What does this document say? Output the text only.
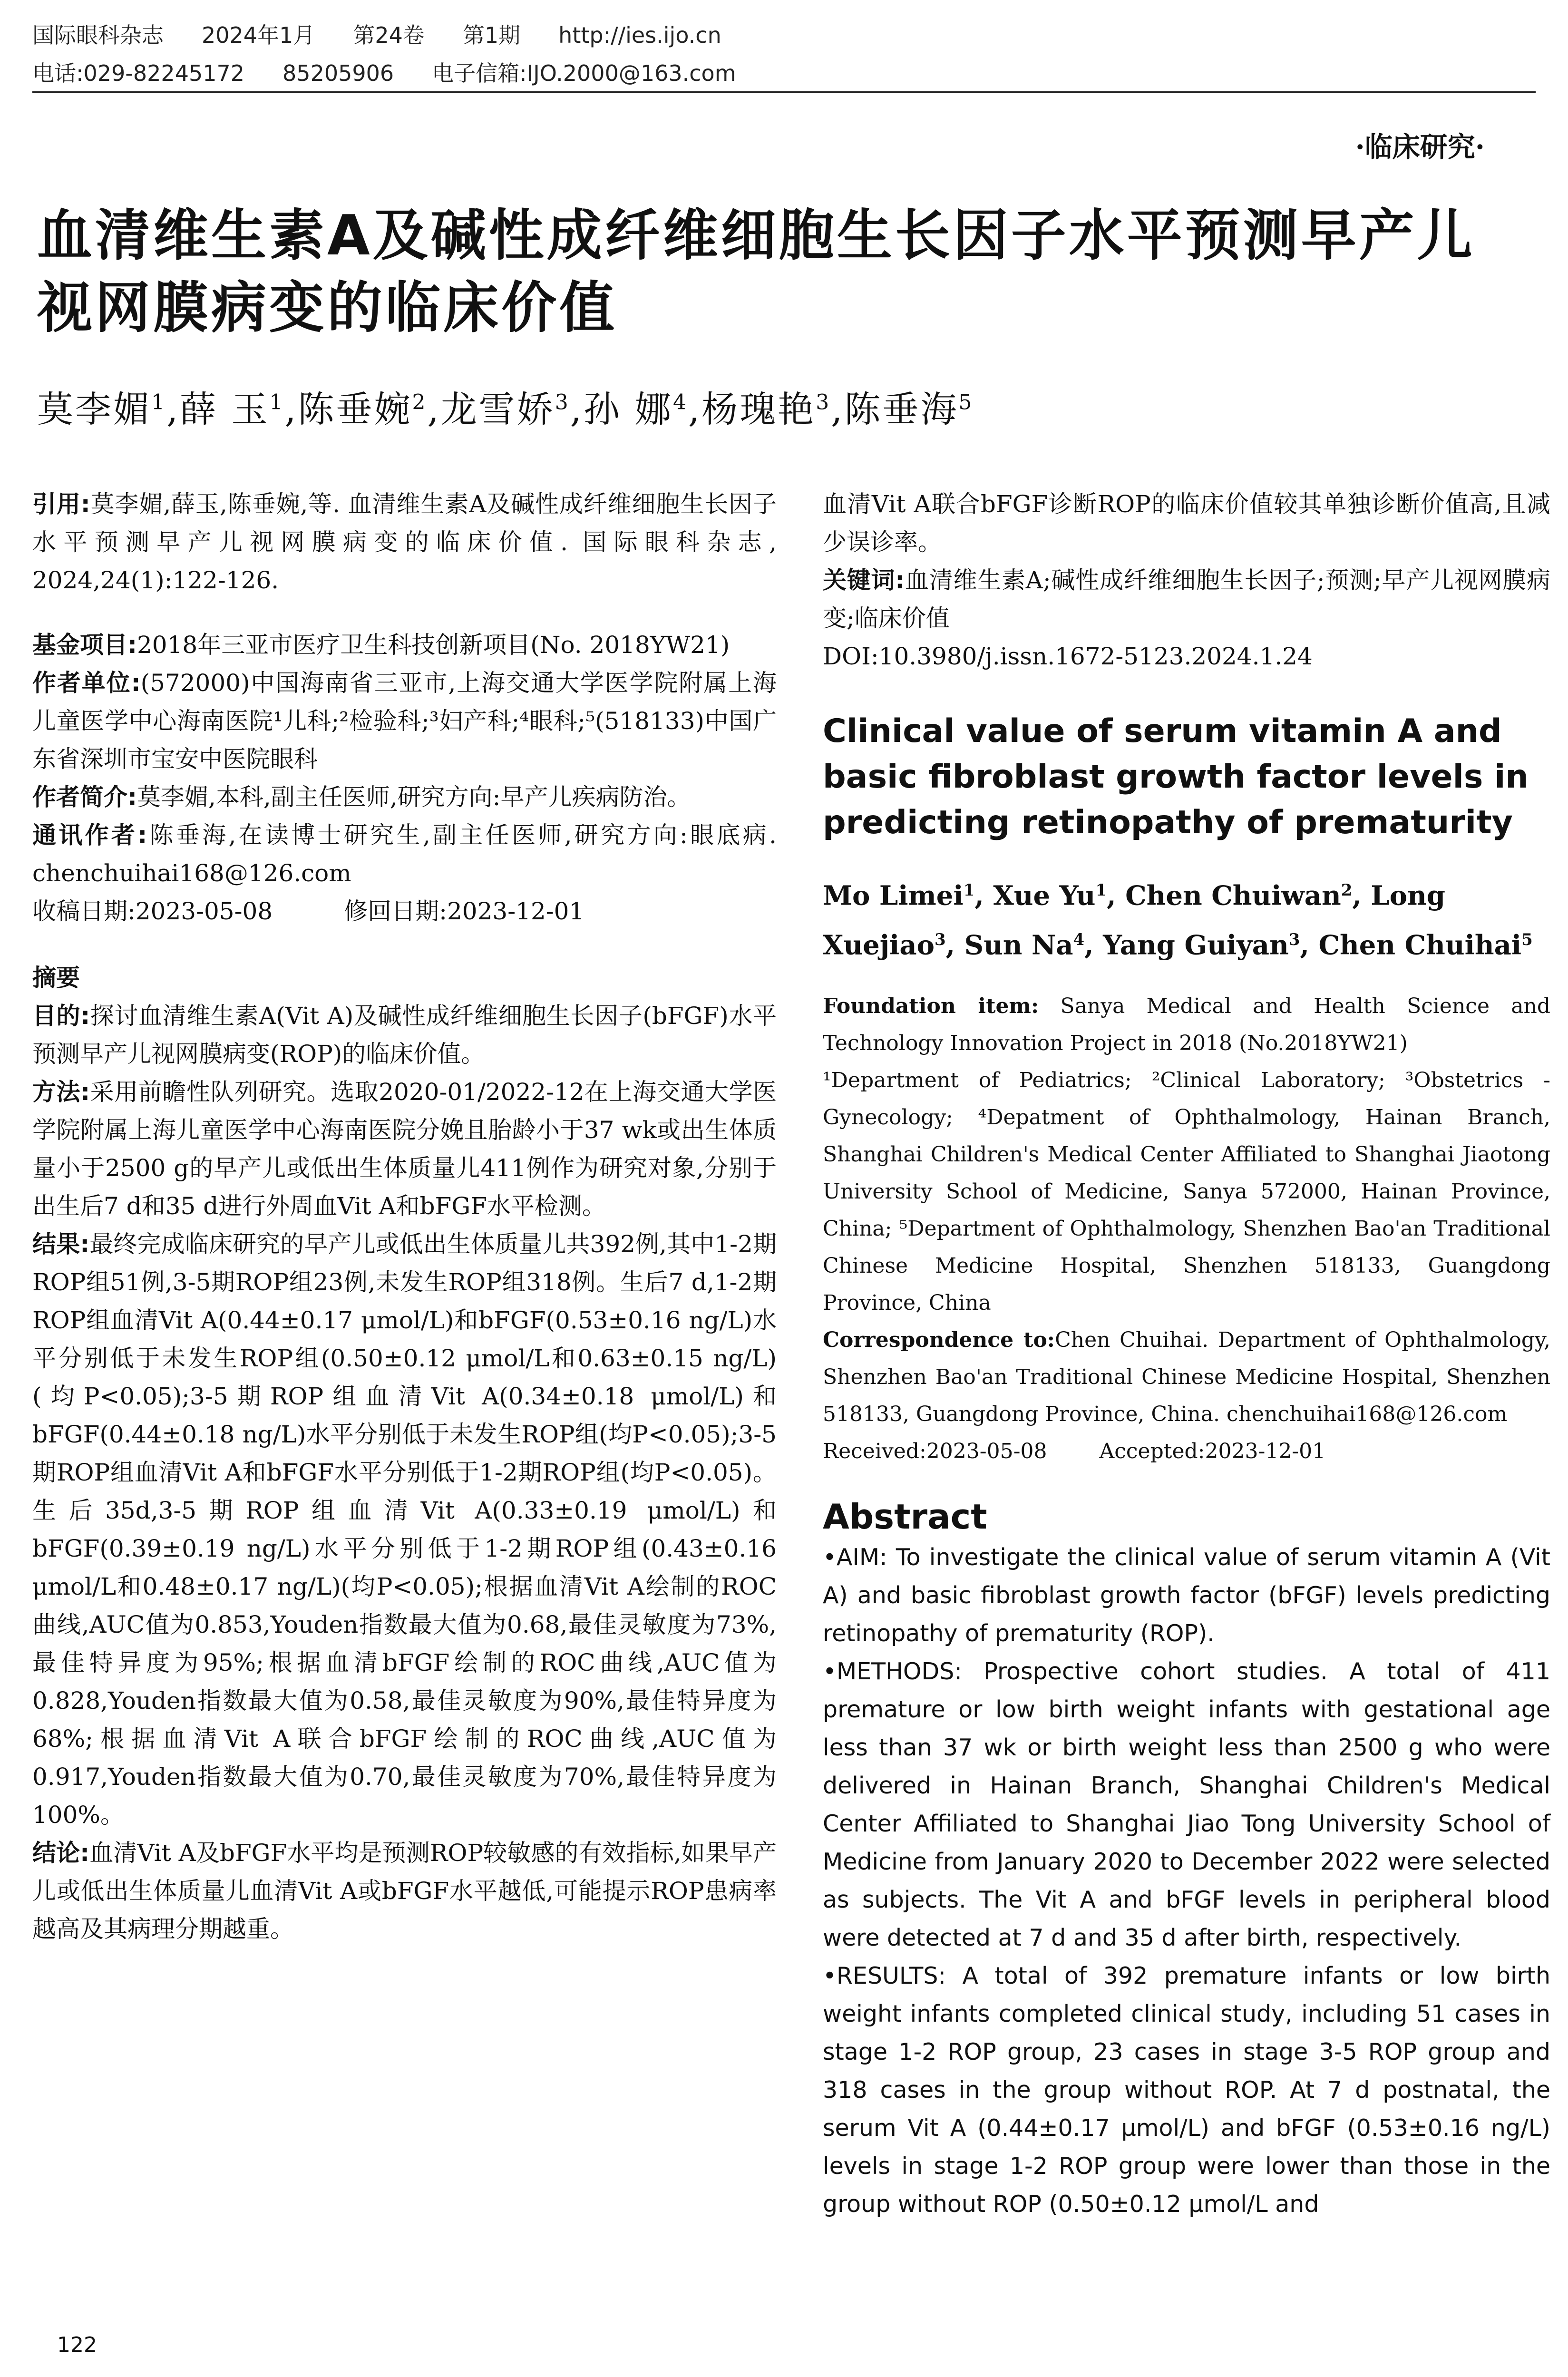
国际眼科杂志 2024年1月 第24卷 第1期 http://ies.ijo.cn
电话:029-82245172 85205906 电子信箱:IJO.2000@163.com
·临床研究·
血清维生素A及碱性成纤维细胞生长因子水平预测早产儿视网膜病变的临床价值
莫李媚$^1$,薛 玉$^1$,陈垂婉$^2$,龙雪娇$^3$,孙 娜$^4$,杨瑰艳$^3$,陈垂海$^5$

引用:莫李媚,薛玉,陈垂婉,等. 血清维生素A及碱性成纤维细胞生长因子水平预测早产儿视网膜病变的临床价值. 国际眼科杂志, 2024,24(1):122-126.

基金项目:2018年三亚市医疗卫生科技创新项目(No. 2018YW21)

作者单位:(572000)中国海南省三亚市,上海交通大学医学院附属上海儿童医学中心海南医院¹儿科;²检验科;³妇产科;⁴眼科;⁵(518133)中国广东省深圳市宝安中医院眼科

作者简介:莫李媚,本科,副主任医师,研究方向:早产儿疾病防治。

通讯作者:陈垂海,在读博士研究生,副主任医师,研究方向:眼底病. chenchuihai168@126.com

收稿日期:2023-05-08	修回日期:2023-12-01

摘要

目的:探讨血清维生素A(Vit A)及碱性成纤维细胞生长因子(bFGF)水平预测早产儿视网膜病变(ROP)的临床价值。

方法:采用前瞻性队列研究。选取2020-01/2022-12在上海交通大学医学院附属上海儿童医学中心海南医院分娩且胎龄小于37 wk或出生体质量小于2500 g的早产儿或低出生体质量儿411例作为研究对象,分别于出生后7 d和35 d进行外周血Vit A和bFGF水平检测。

结果:最终完成临床研究的早产儿或低出生体质量儿共392例,其中1-2期ROP组51例,3-5期ROP组23例,未发生ROP组318例。生后7 d,1-2期ROP组血清Vit A(0.44±0.17 μmol/L)和bFGF(0.53±0.16 ng/L)水平分别低于未发生ROP组(0.50±0.12 μmol/L和0.63±0.15 ng/L)(均P<0.05);3-5期ROP组血清Vit A(0.34±0.18 μmol/L)和bFGF(0.44±0.18 ng/L)水平分别低于未发生ROP组(均P<0.05);3-5期ROP组血清Vit A和bFGF水平分别低于1-2期ROP组(均P<0.05)。生后35d,3-5期ROP组血清Vit A(0.33±0.19 μmol/L)和bFGF(0.39±0.19 ng/L)水平分别低于1-2期ROP组(0.43±0.16 μmol/L和0.48±0.17 ng/L)(均P<0.05);根据血清Vit A绘制的ROC曲线,AUC值为0.853,Youden指数最大值为0.68,最佳灵敏度为73%,最佳特异度为95%;根据血清bFGF绘制的ROC曲线,AUC值为0.828,Youden指数最大值为0.58,最佳灵敏度为90%,最佳特异度为68%;根据血清Vit A联合bFGF绘制的ROC曲线,AUC值为0.917,Youden指数最大值为0.70,最佳灵敏度为70%,最佳特异度为100%。

结论:血清Vit A及bFGF水平均是预测ROP较敏感的有效指标,如果早产儿或低出生体质量儿血清Vit A或bFGF水平越低,可能提示ROP患病率越高及其病理分期越重。

血清Vit A联合bFGF诊断ROP的临床价值较其单独诊断价值高,且减少误诊率。

关键词:血清维生素A;碱性成纤维细胞生长因子;预测;早产儿视网膜病变;临床价值

DOI:10.3980/j.issn.1672-5123.2024.1.24

Clinical value of serum vitamin A and basic fibroblast growth factor levels in predicting retinopathy of prematurity

Mo Limei$^1$, Xue Yu$^1$, Chen Chuiwan$^2$, Long Xuejiao$^3$, Sun Na$^4$, Yang Guiyan$^3$, Chen Chuihai$^5$

Foundation item: Sanya Medical and Health Science and Technology Innovation Project in 2018 (No.2018YW21)

¹Department of Pediatrics; ²Clinical Laboratory; ³Obstetrics - Gynecology; ⁴Depatment of Ophthalmology, Hainan Branch, Shanghai Children's Medical Center Affiliated to Shanghai Jiaotong University School of Medicine, Sanya 572000, Hainan Province, China; ⁵Department of Ophthalmology, Shenzhen Bao'an Traditional Chinese Medicine Hospital, Shenzhen 518133, Guangdong Province, China

Correspondence to:Chen Chuihai. Department of Ophthalmology, Shenzhen Bao'an Traditional Chinese Medicine Hospital, Shenzhen 518133, Guangdong Province, China. chenchuihai168@126.com

Received:2023-05-08	Accepted:2023-12-01

Abstract

•AIM: To investigate the clinical value of serum vitamin A (Vit A) and basic fibroblast growth factor (bFGF) levels predicting retinopathy of prematurity (ROP).

•METHODS: Prospective cohort studies. A total of 411 premature or low birth weight infants with gestational age less than 37 wk or birth weight less than 2500 g who were delivered in Hainan Branch, Shanghai Children's Medical Center Affiliated to Shanghai Jiao Tong University School of Medicine from January 2020 to December 2022 were selected as subjects. The Vit A and bFGF levels in peripheral blood were detected at 7 d and 35 d after birth, respectively.

•RESULTS: A total of 392 premature infants or low birth weight infants completed clinical study, including 51 cases in stage 1-2 ROP group, 23 cases in stage 3-5 ROP group and 318 cases in the group without ROP. At 7 d postnatal, the serum Vit A (0.44±0.17 μmol/L) and bFGF (0.53±0.16 ng/L) levels in stage 1-2 ROP group were lower than those in the group without ROP (0.50±0.12 μmol/L and

122
